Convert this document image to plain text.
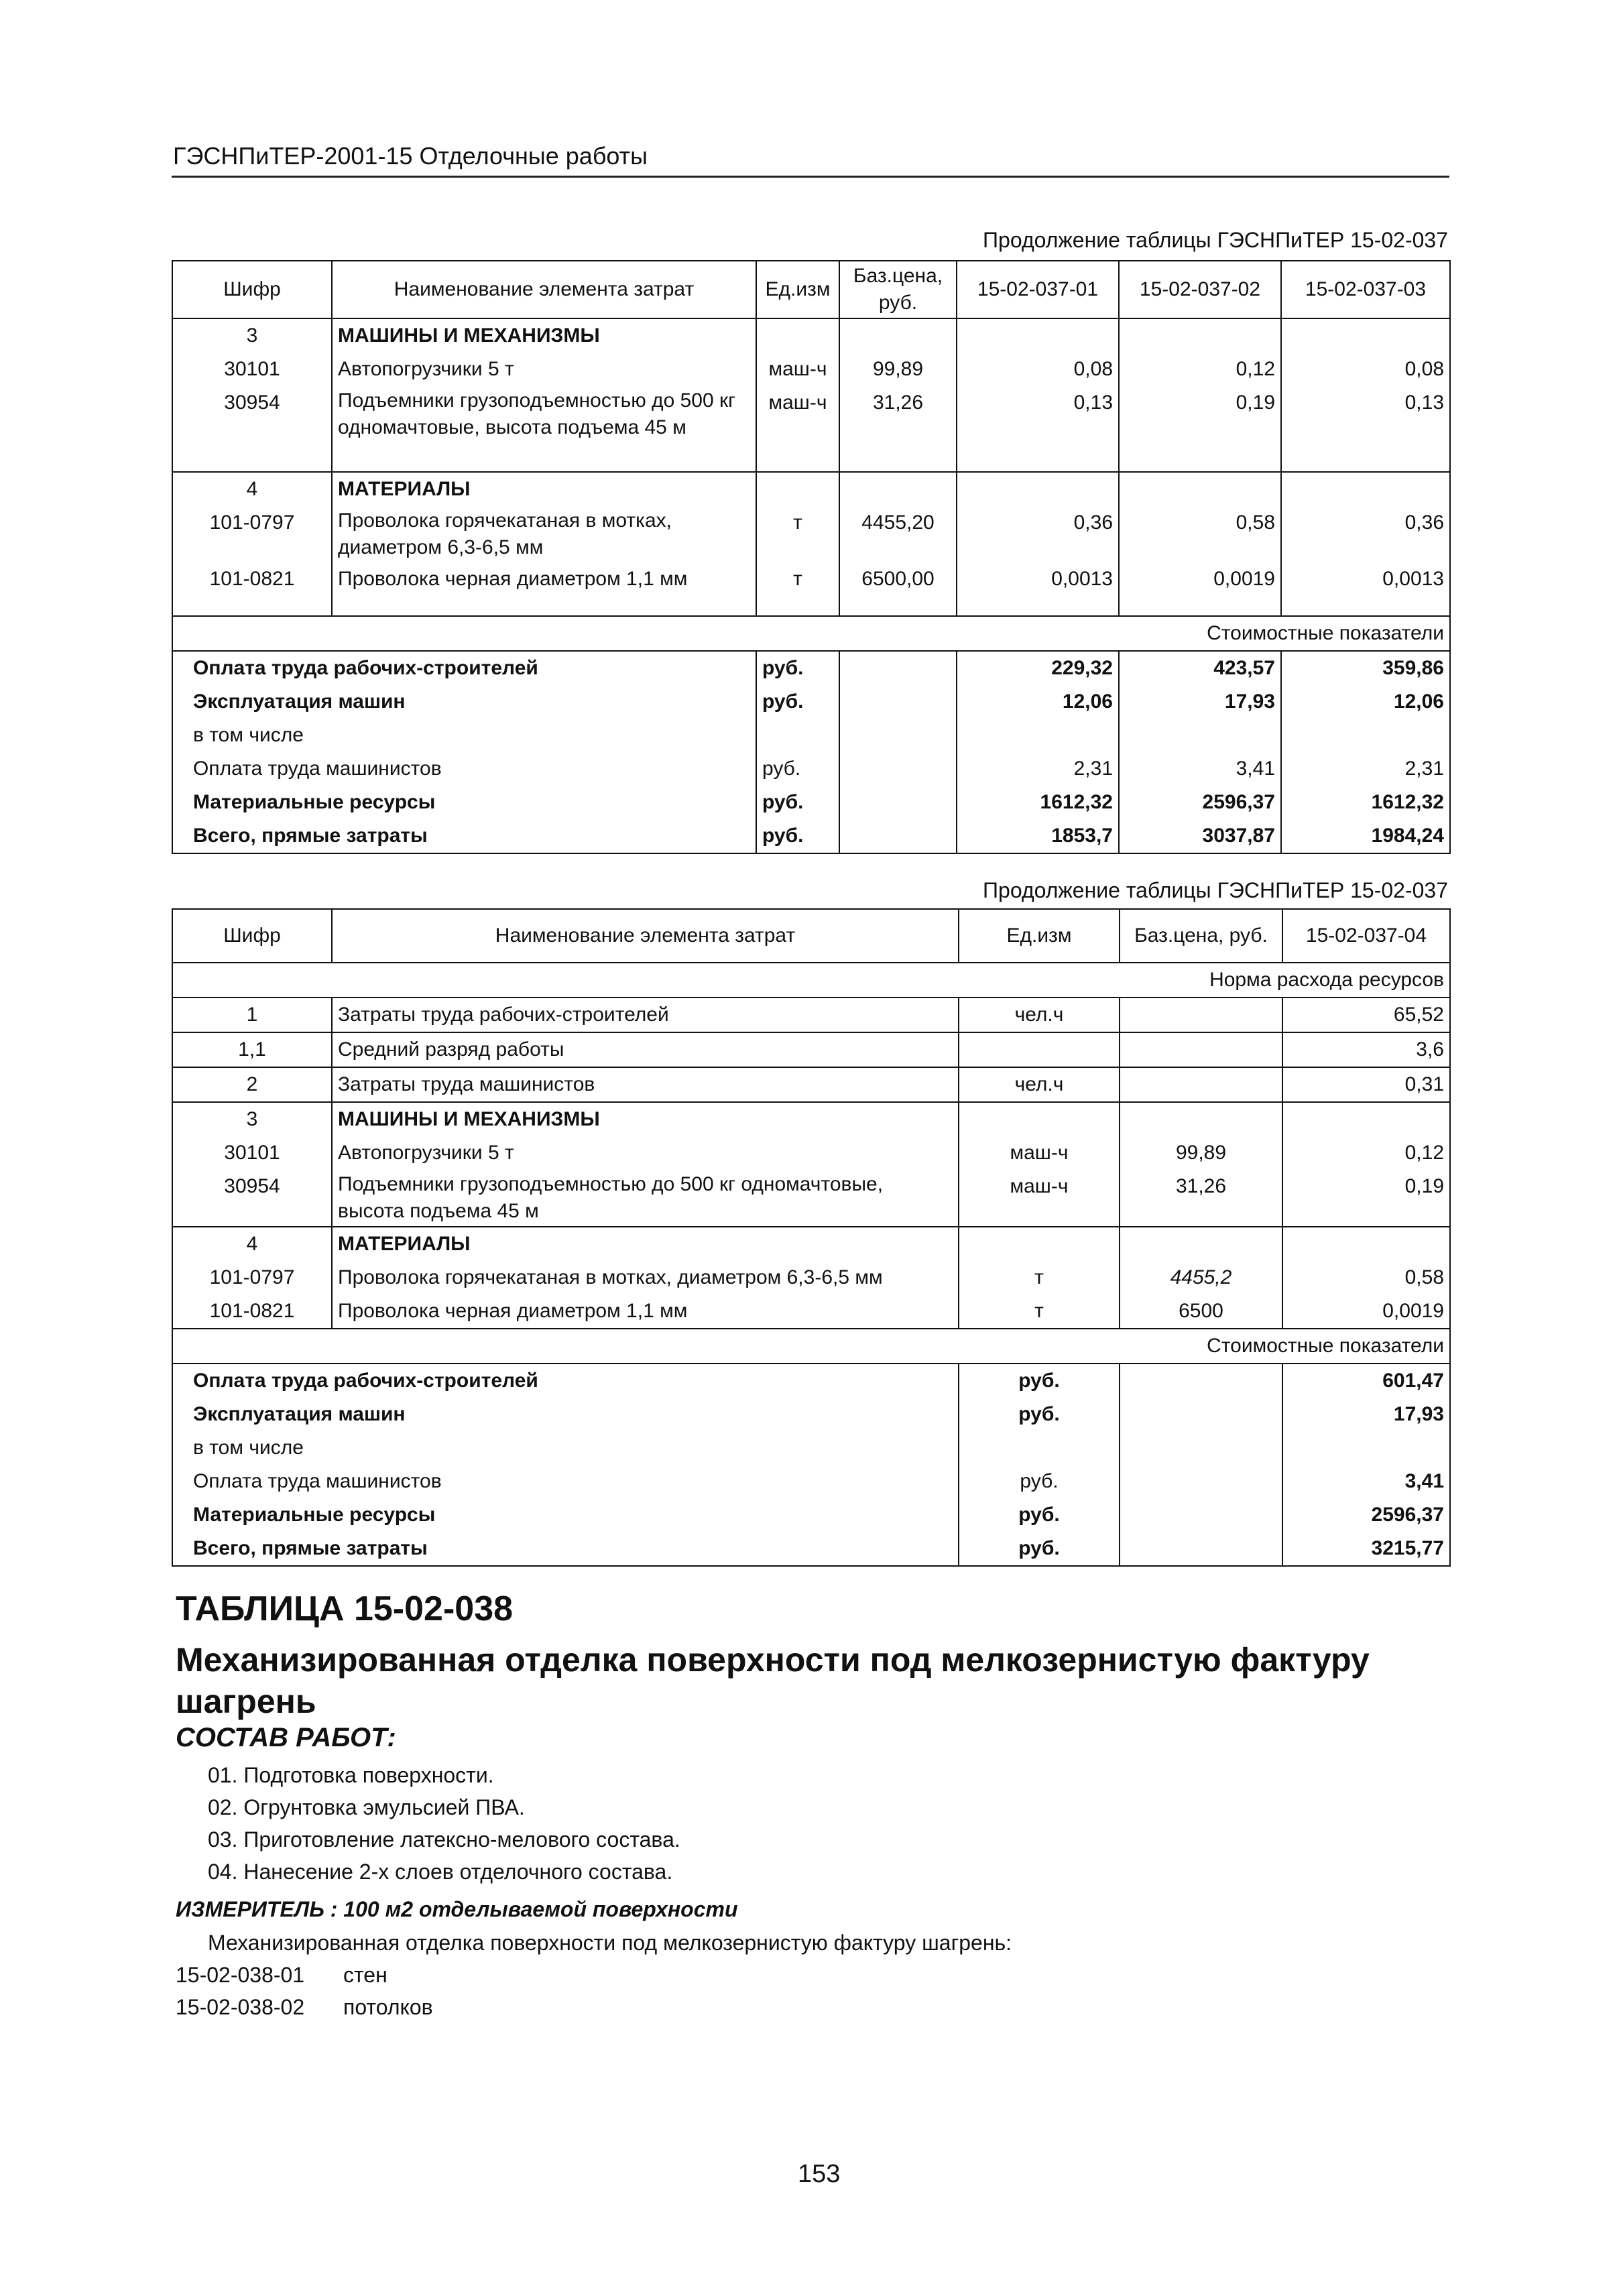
ГЭСНПиТЕР-2001-15 Отделочные работы
Продолжение таблицы ГЭСНПиТЕР 15-02-037
Шифр	Наименование элемента затрат	Ед.изм	Баз.цена, руб.	15-02-037-01	15-02-037-02	15-02-037-03
3	МАШИНЫ И МЕХАНИЗМЫ					
30101	Автопогрузчики 5 т	маш-ч	99,89	0,08	0,12	0,08
30954	Подъемники грузоподъемностью до 500 кг одномачтовые, высота подъема 45 м	маш-ч	31,26	0,13	0,19	0,13
4	МАТЕРИАЛЫ					
101-0797	Проволока горячекатаная в мотках, диаметром 6,3-6,5 мм	т	4455,20	0,36	0,58	0,36
101-0821	Проволока черная диаметром 1,1 мм	т	6500,00	0,0013	0,0019	0,0013
Стоимостные показатели						
Оплата труда рабочих-строителей		руб.		229,32	423,57	359,86
Эксплуатация машин		руб.		12,06	17,93	12,06
в том числе						
Оплата труда машинистов		руб.		2,31	3,41	2,31
Материальные ресурсы		руб.		1612,32	2596,37	1612,32
Всего, прямые затраты		руб.		1853,7	3037,87	1984,24
Продолжение таблицы ГЭСНПиТЕР 15-02-037
Шифр	Наименование элемента затрат	Ед.изм	Баз.цена, руб.	15-02-037-04
Норма расхода ресурсов				
1	Затраты труда рабочих-строителей	чел.ч		65,52
1,1	Средний разряд работы			3,6
2	Затраты труда машинистов	чел.ч		0,31
3	МАШИНЫ И МЕХАНИЗМЫ			
30101	Автопогрузчики 5 т	маш-ч	99,89	0,12
30954	Подъемники грузоподъемностью до 500 кг одномачтовые, высота подъема 45 м	маш-ч	31,26	0,19
4	МАТЕРИАЛЫ			
101-0797	Проволока горячекатаная в мотках, диаметром 6,3-6,5 мм	т	4455,2	0,58
101-0821	Проволока черная диаметром 1,1 мм	т	6500	0,0019
Стоимостные показатели				
Оплата труда рабочих-строителей		руб.		601,47
Эксплуатация машин		руб.		17,93
в том числе				
Оплата труда машинистов		руб.		3,41
Материальные ресурсы		руб.		2596,37
Всего, прямые затраты		руб.		3215,77
ТАБЛИЦА 15-02-038
Механизированная отделка поверхности под мелкозернистую фактуру шагрень
СОСТАВ РАБОТ:
01. Подготовка поверхности.
02. Огрунтовка эмульсией ПВА.
03. Приготовление латексно-мелового состава.
04. Нанесение 2-х слоев отделочного состава.
ИЗМЕРИТЕЛЬ : 100 м2 отделываемой поверхности
Механизированная отделка поверхности под мелкозернистую фактуру шагрень:
15-02-038-01 стен
15-02-038-02 потолков
153
